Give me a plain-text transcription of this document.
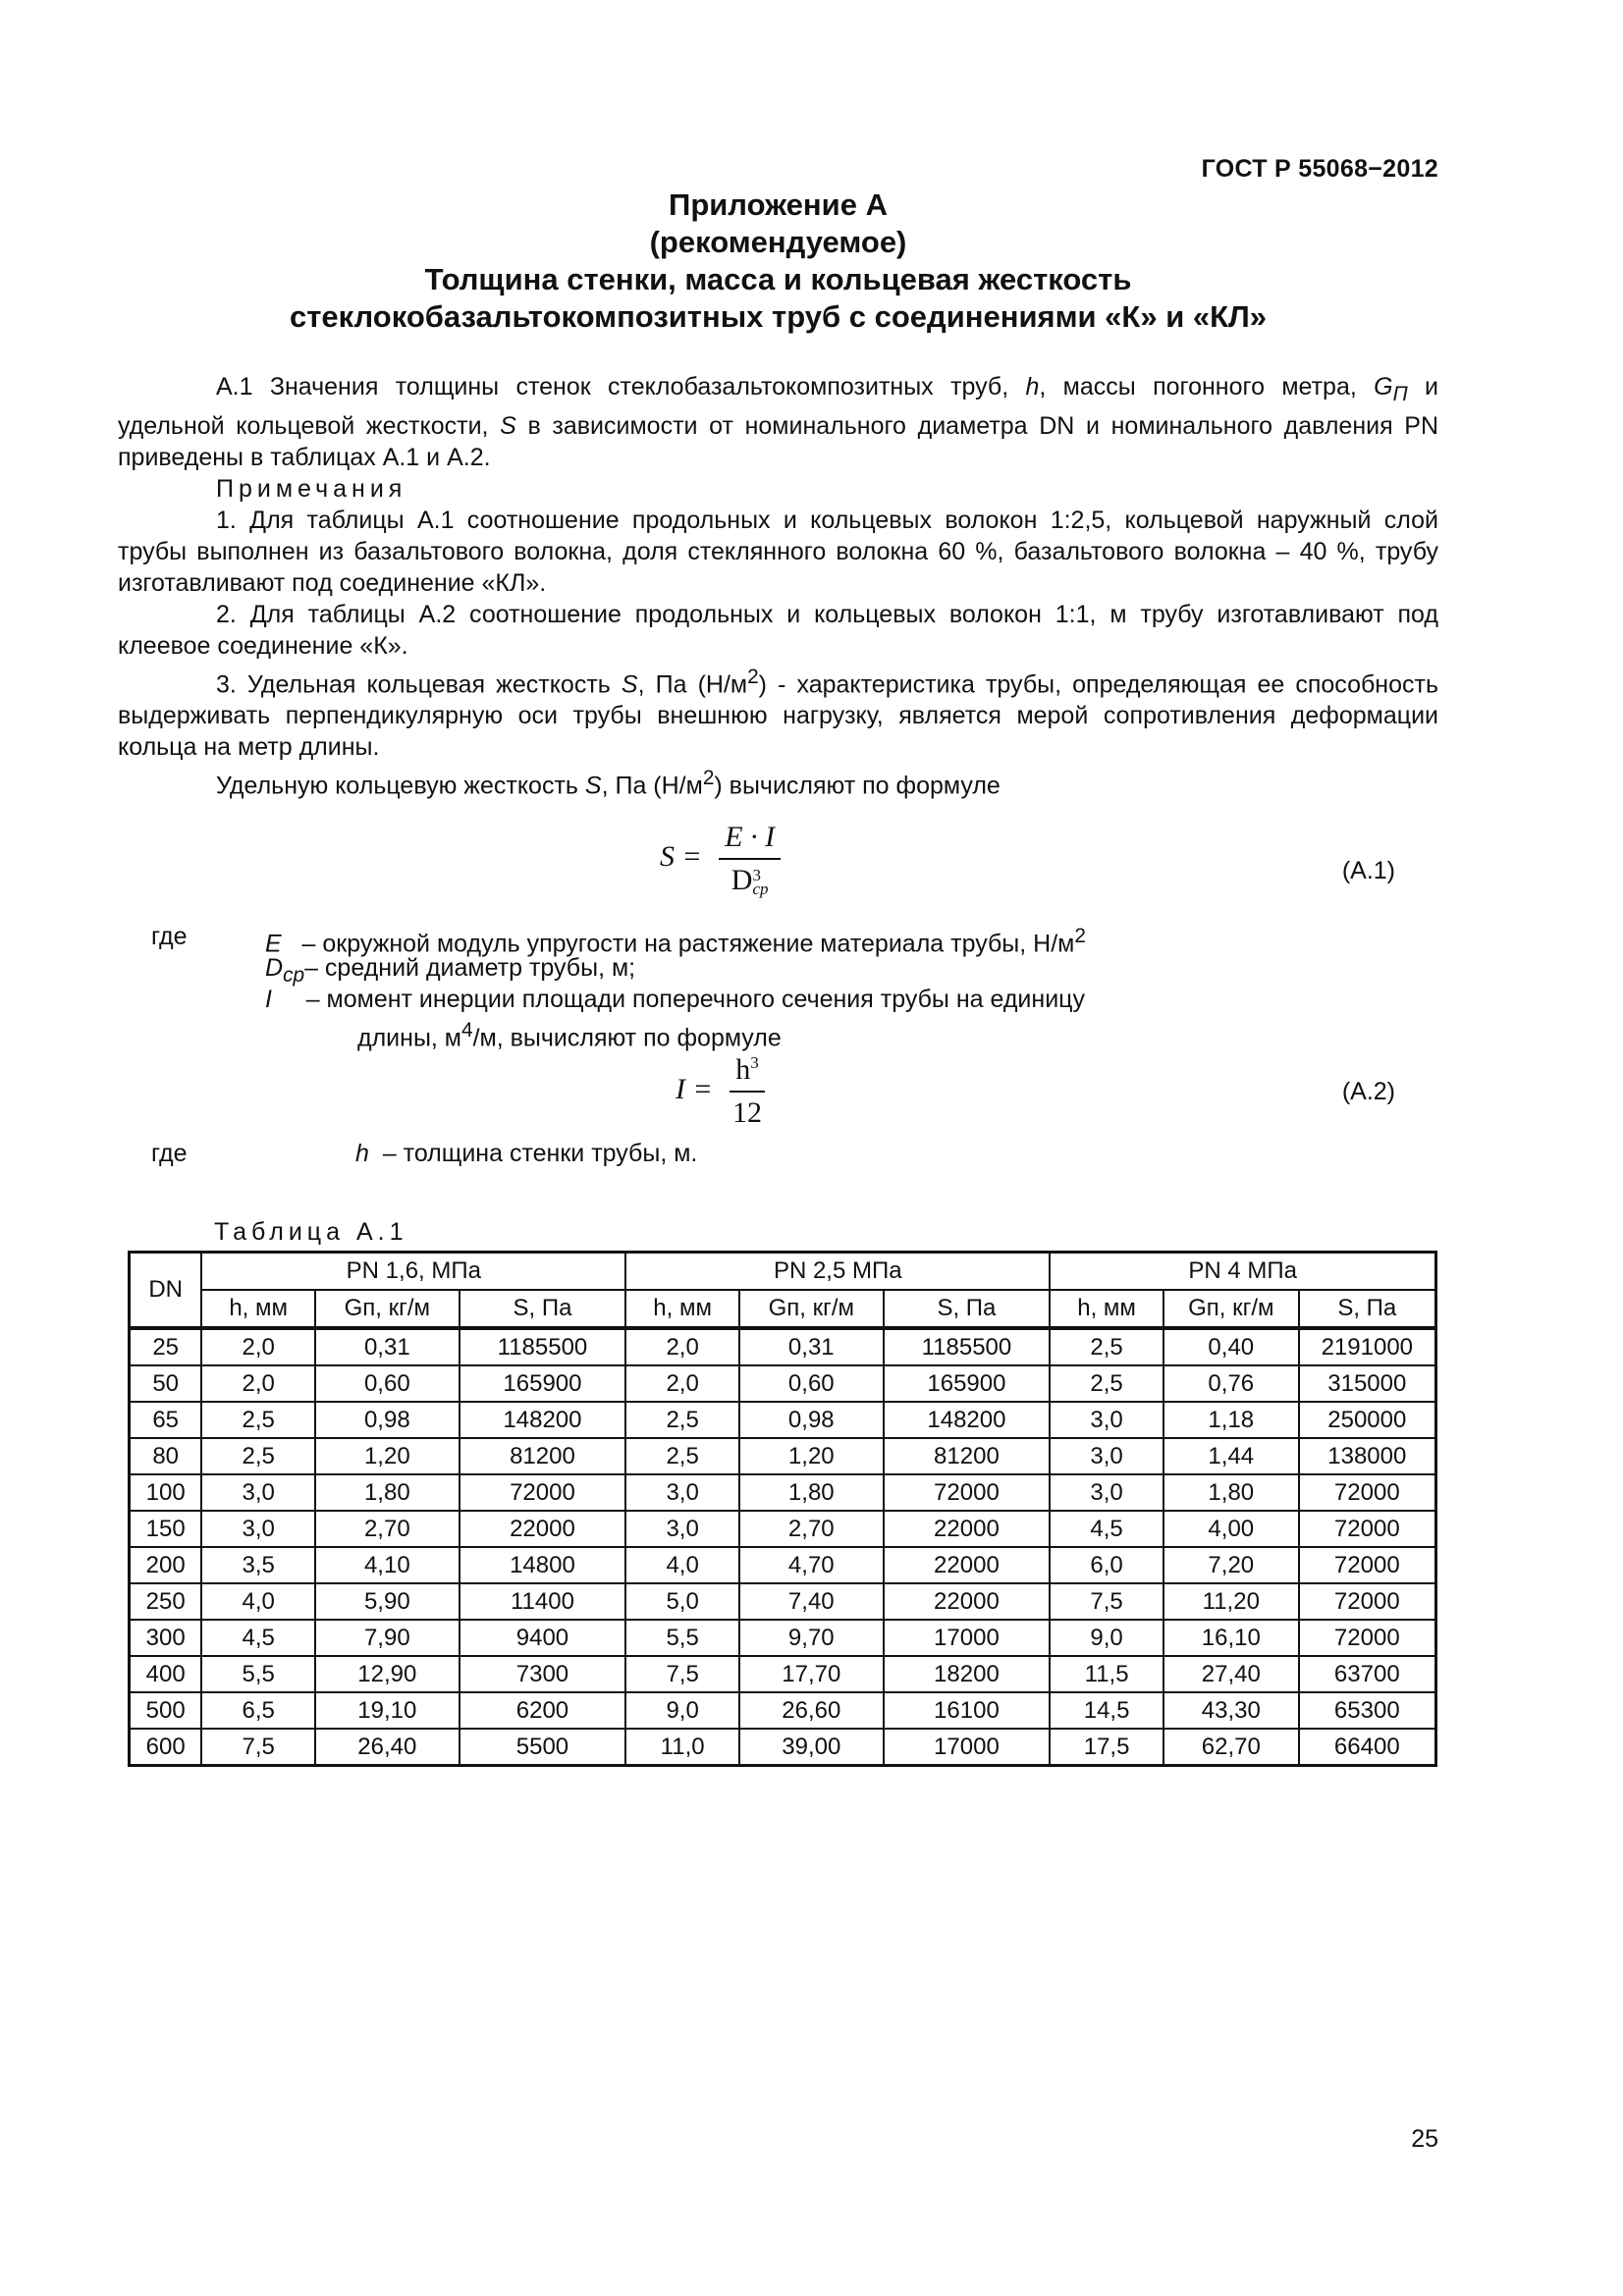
ГОСТ Р 55068−2012
Приложение А
(рекомендуемое)
Толщина стенки, масса и кольцевая жесткость
стеклокобазальтокомпозитных труб с соединениями «К» и «КЛ»

А.1 Значения толщины стенок стеклобазальтокомпозитных труб, h, массы погонного метра, $G_П$ и удельной кольцевой жесткости, S в зависимости от номинального диаметра DN и номинального давления PN приведены в таблицах А.1 и А.2.

Примечания

1. Для таблицы А.1 соотношение продольных и кольцевых волокон 1:2,5, кольцевой наружный слой трубы выполнен из базальтового волокна, доля стеклянного волокна 60 %, базальтового волокна – 40 %, трубу изготавливают под соединение «КЛ».

2. Для таблицы А.2 соотношение продольных и кольцевых волокон 1:1, м трубу изготавливают под клеевое соединение «К».

3. Удельная кольцевая жесткость S, Па $(Н/м^2)$ - характеристика трубы, определяющая ее способность выдерживать перпендикулярную оси трубы внешнюю нагрузку, является мерой сопротивления деформации кольца на метр длины.

Удельную кольцевую жесткость S, Па $(Н/м^2)$ вычисляют по формуле

S = E · I
D 3
ср	(А.1)
где	E – окружной модуль упругости на растяжение материала трубы, $Н/м^2$
$D_{ср}-$ средний диаметр трубы, м;
I – момент инерции площади поперечного сечения трубы на единицу
длины, $м^4/м$, вычисляют по формуле
$I = \frac{h^3}{12}$	(А.2)
где	h – толщина стенки трубы, м.
Таблица А.1
DN	PN 1,6, МПа			PN 2,5 МПа			PN 4 МПа		
	h, мм	Gп, кг/м	S, Па	h, мм	Gп, кг/м	S, Па	h, мм	Gп, кг/м	S, Па
25	2,0	0,31	1185500	2,0	0,31	1185500	2,5	0,40	2191000
50	2,0	0,60	165900	2,0	0,60	165900	2,5	0,76	315000
65	2,5	0,98	148200	2,5	0,98	148200	3,0	1,18	250000
80	2,5	1,20	81200	2,5	1,20	81200	3,0	1,44	138000
100	3,0	1,80	72000	3,0	1,80	72000	3,0	1,80	72000
150	3,0	2,70	22000	3,0	2,70	22000	4,5	4,00	72000
200	3,5	4,10	14800	4,0	4,70	22000	6,0	7,20	72000
250	4,0	5,90	11400	5,0	7,40	22000	7,5	11,20	72000
300	4,5	7,90	9400	5,5	9,70	17000	9,0	16,10	72000
400	5,5	12,90	7300	7,5	17,70	18200	11,5	27,40	63700
500	6,5	19,10	6200	9,0	26,60	16100	14,5	43,30	65300
600	7,5	26,40	5500	11,0	39,00	17000	17,5	62,70	66400
25
